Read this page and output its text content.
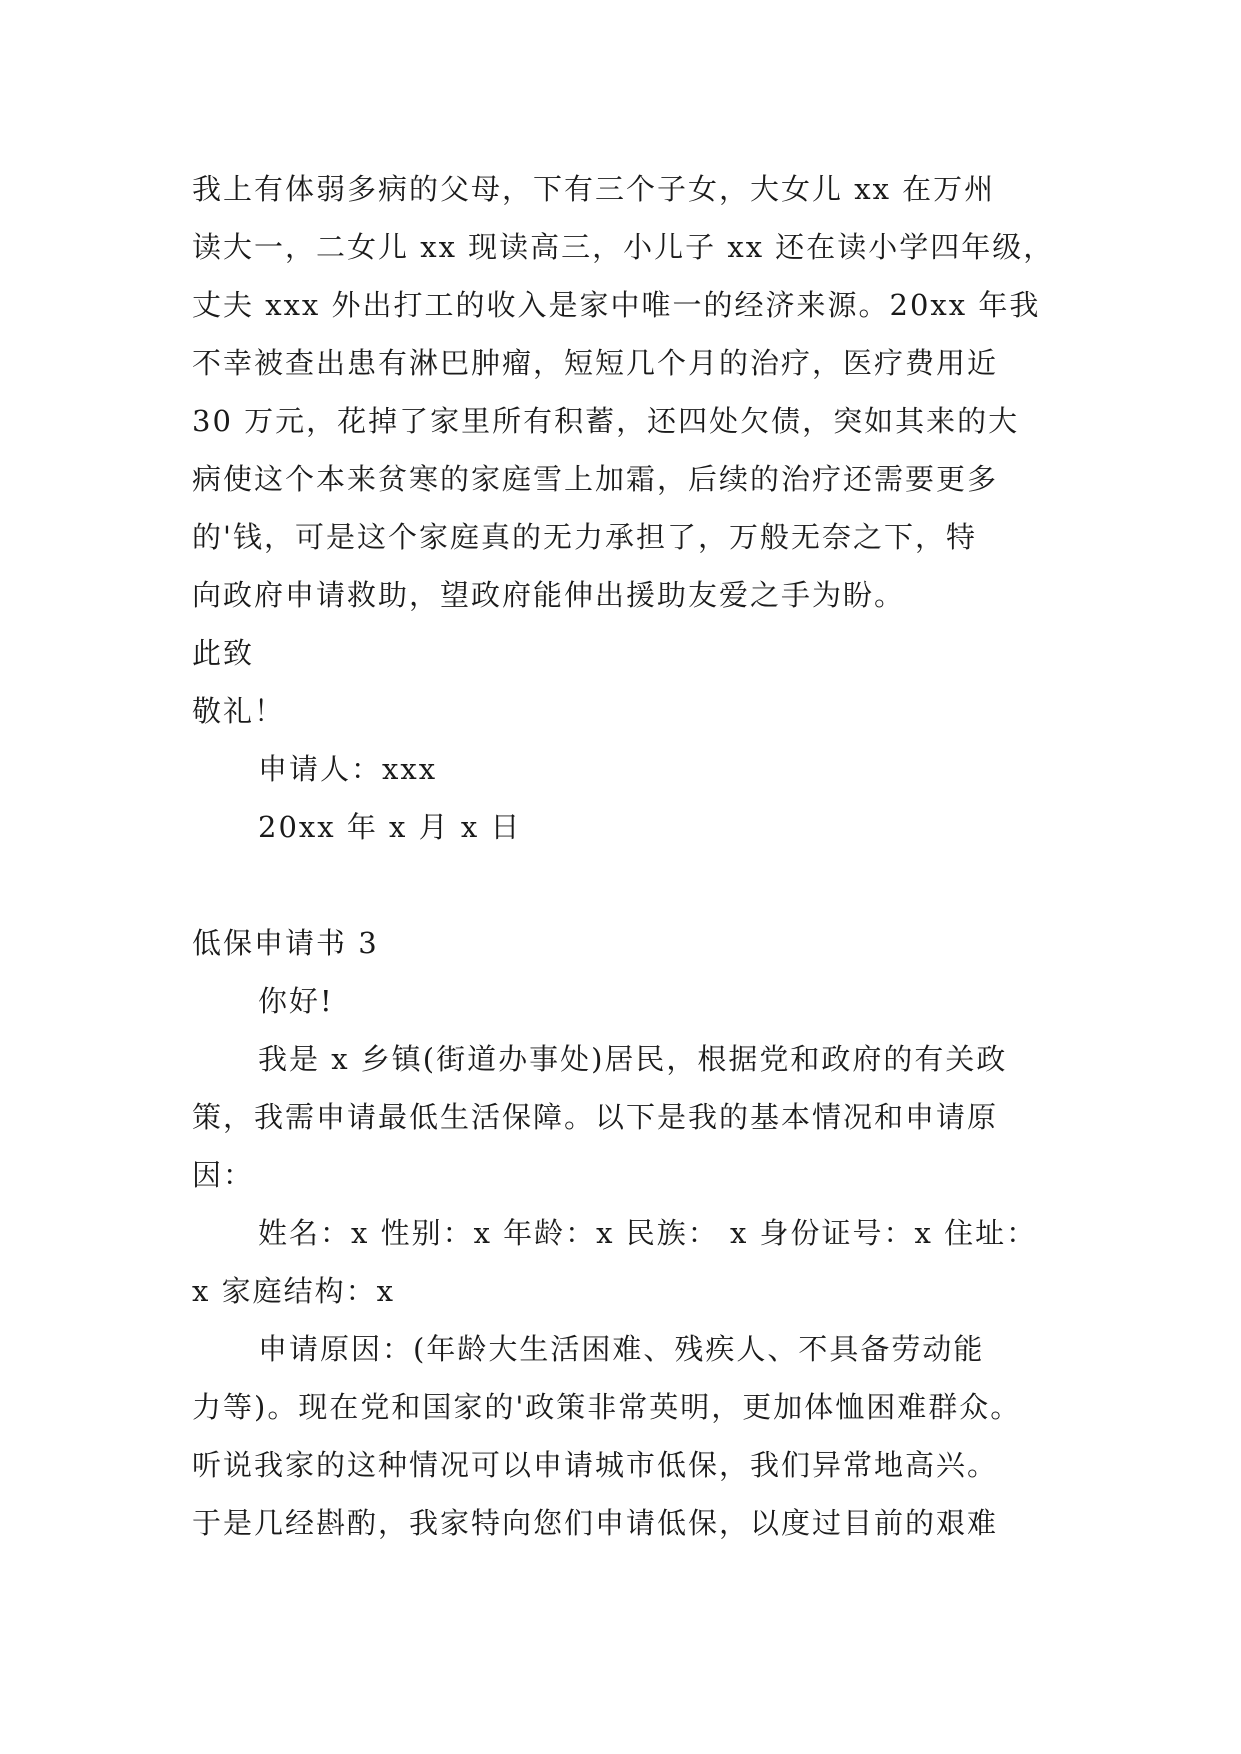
我上有体弱多病的父母，下有三个子女，大女儿 xx 在万州
读大一，二女儿 xx 现读高三，小儿子 xx 还在读小学四年级，
丈夫 xxx 外出打工的收入是家中唯一的经济来源。20xx 年我
不幸被查出患有淋巴肿瘤，短短几个月的治疗，医疗费用近
30 万元，花掉了家里所有积蓄，还四处欠债，突如其来的大
病使这个本来贫寒的家庭雪上加霜，后续的治疗还需要更多
的'钱，可是这个家庭真的无力承担了，万般无奈之下，特
向政府申请救助，望政府能伸出援助友爱之手为盼。
此致
敬礼！
申请人：xxx
20xx 年 x 月 x 日
低保申请书 3
你好!
我是 x 乡镇(街道办事处)居民，根据党和政府的有关政
策，我需申请最低生活保障。以下是我的基本情况和申请原
因：
姓名：x 性别：x 年龄：x 民族： x 身份证号：x 住址：
x 家庭结构：x
申请原因：(年龄大生活困难、残疾人、不具备劳动能
力等)。现在党和国家的'政策非常英明，更加体恤困难群众。
听说我家的这种情况可以申请城市低保，我们异常地高兴。
于是几经斟酌，我家特向您们申请低保，以度过目前的艰难
